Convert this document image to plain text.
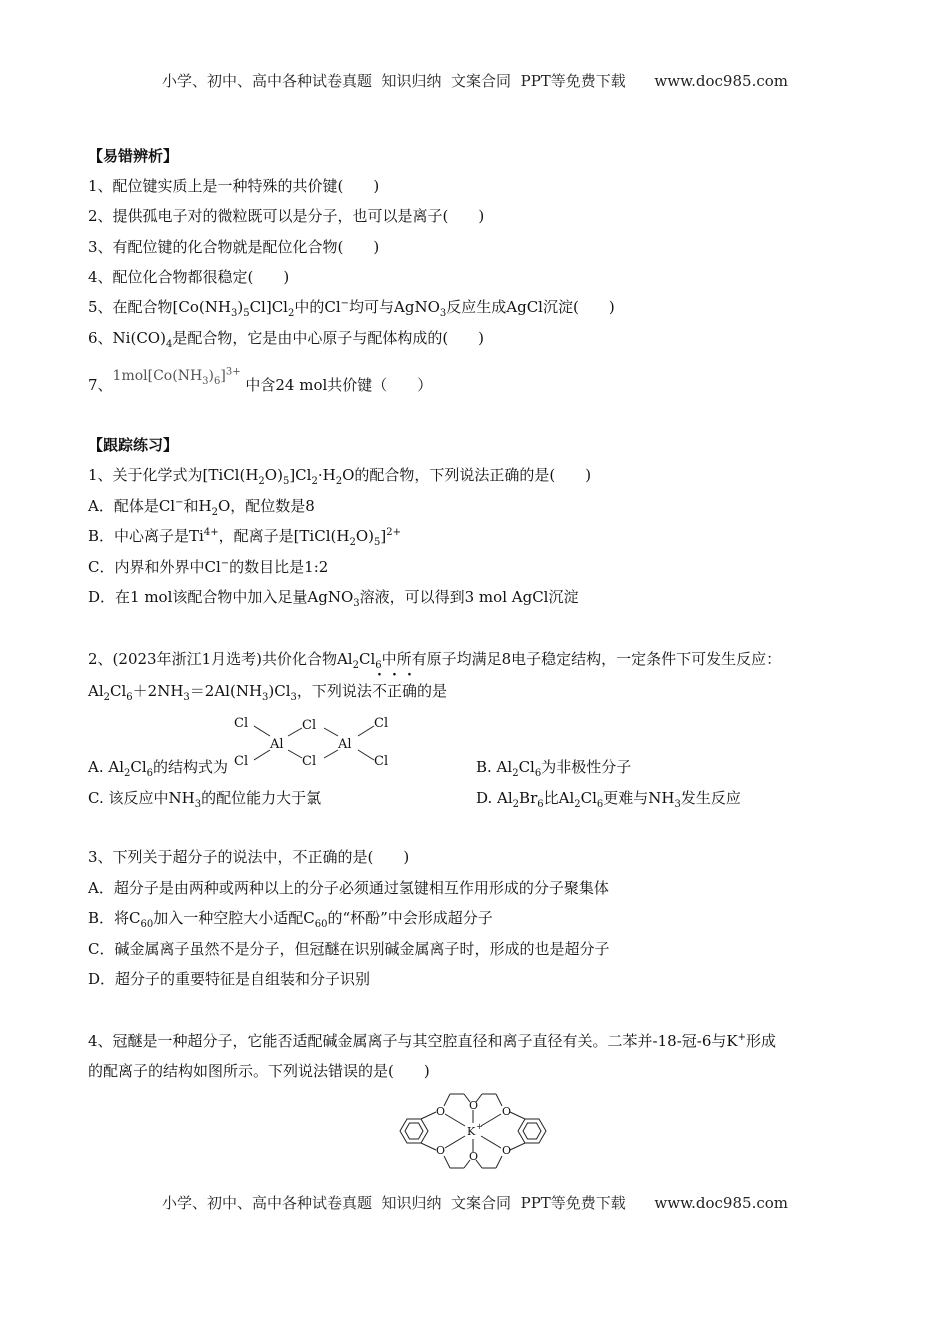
小学、初中、高中各种试卷真题  知识归纳  文案合同  PPT等免费下载      www.doc985.com
【易错辨析】
1、配位键实质上是一种特殊的共价键(　　)
2、提供孤电子对的微粒既可以是分子，也可以是离子(　　)
3、有配位键的化合物就是配位化合物(　　)
4、配位化合物都很稳定(　　)
5、在配合物$[Co(NH_3)_5Cl]Cl_2$中的Cl−均可与AgNO$_3$反应生成AgCl沉淀(　　)
6、$Ni(CO)_4$是配合物，它是由中心原子与配体构成的(　　)
7、$1mol[Co(NH_3)_6]^{3+}$ 中含24 mol共价键（　　）
【跟踪练习】
1、关于化学式为$[TiCl(H_2O)_5]Cl_2\cdot H_2O$的配合物，下列说法正确的是(　　)
A．配体是Cl−和$H_2O$，配位数是8
B．中心离子是$Ti^{4+}$，配离子是$[TiCl(H_2O)_5]^{2+}$
C．内界和外界中Cl−的数目比是1:2
D．在1 mol该配合物中加入足量AgNO$_3$溶液，可以得到3 mol AgCl沉淀
2、(2023年浙江1月选考)共价化合物$Al_2Cl_6$中所有原子均满足8电子稳定结构，一定条件下可发生反应：
$Al_2Cl_6+2NH_3=2Al(NH_3)Cl_3$，下列说法不正确的是
Cl
Cl
Al
Cl
Cl
Al
Cl
Cl
A. $Al_2Cl_6$的结构式为	B. $Al_2Cl_6$为非极性分子
C. 该反应中$NH_3$的配位能力大于氯	D. $Al_2Br_6$比$Al_2Cl_6$更难与$NH_3$发生反应
3、下列关于超分子的说法中，不正确的是(　　)
A．超分子是由两种或两种以上的分子必须通过氢键相互作用形成的分子聚集体
B．将$C_{60}$加入一种空腔大小适配$C_{60}$的“杯酚”中会形成超分子
C．碱金属离子虽然不是分子，但冠醚在识别碱金属离子时，形成的也是超分子
D．超分子的重要特征是自组装和分子识别
4、冠醚是一种超分子，它能否适配碱金属离子与其空腔直径和离子直径有关。二苯并-18-冠-6与K+形成
的配离子的结构如图所示。下列说法错误的是(　　)
O
O
O
O
O
O
K +
小学、初中、高中各种试卷真题  知识归纳  文案合同  PPT等免费下载      www.doc985.com
